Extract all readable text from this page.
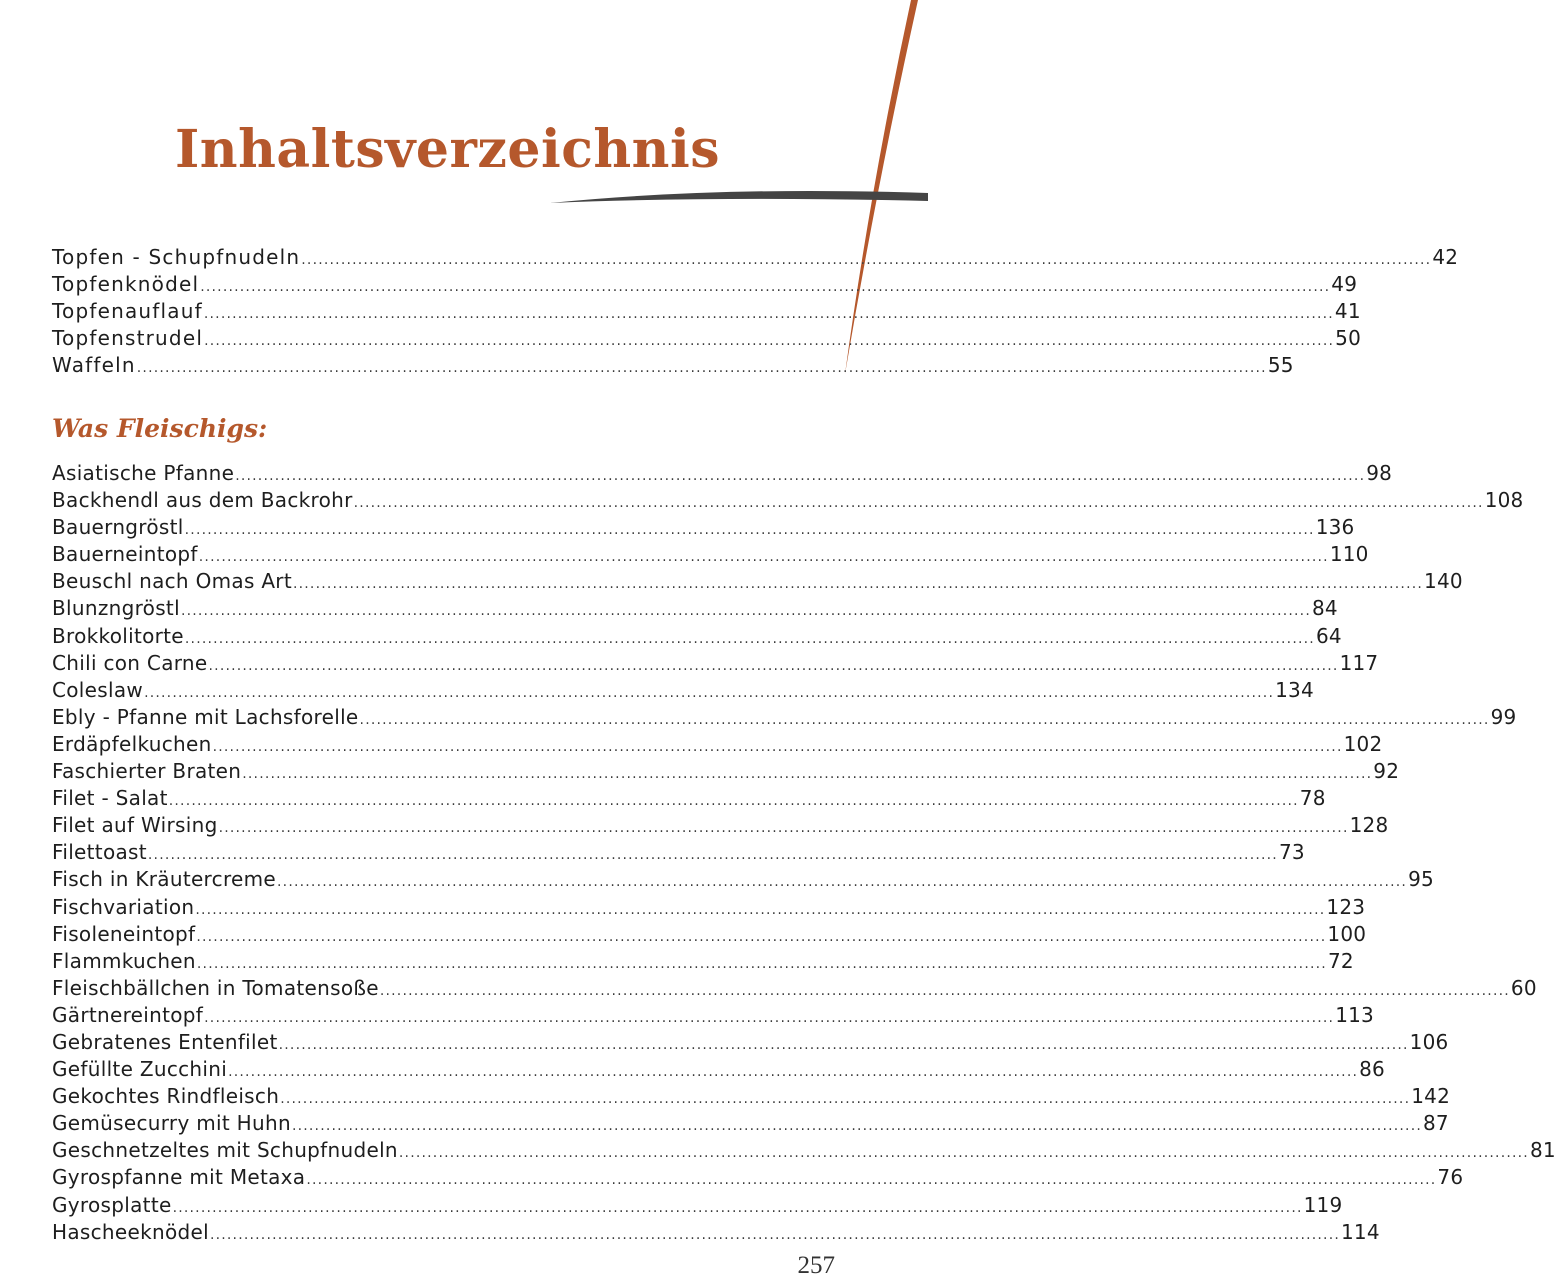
Inhaltsverzeichnis
Topfen - Schupfnudeln ........................................................................................................................................................................................................ 42
Topfenknödel ........................................................................................................................................................................................................ 49
Topfenauflauf ........................................................................................................................................................................................................ 41
Topfenstrudel ........................................................................................................................................................................................................ 50
Waffeln ........................................................................................................................................................................................................ 55
Was Fleischigs:
Asiatische Pfanne ........................................................................................................................................................................................................ 98
Backhendl aus dem Backrohr ........................................................................................................................................................................................................ 108
Bauerngröstl ........................................................................................................................................................................................................ 136
Bauerneintopf ........................................................................................................................................................................................................ 110
Beuschl nach Omas Art ........................................................................................................................................................................................................ 140
Blunzngröstl ........................................................................................................................................................................................................ 84
Brokkolitorte ........................................................................................................................................................................................................ 64
Chili con Carne ........................................................................................................................................................................................................ 117
Coleslaw ........................................................................................................................................................................................................ 134
Ebly - Pfanne mit Lachsforelle ........................................................................................................................................................................................................ 99
Erdäpfelkuchen ........................................................................................................................................................................................................ 102
Faschierter Braten ........................................................................................................................................................................................................ 92
Filet - Salat ........................................................................................................................................................................................................ 78
Filet auf Wirsing ........................................................................................................................................................................................................ 128
Filettoast ........................................................................................................................................................................................................ 73
Fisch in Kräutercreme ........................................................................................................................................................................................................ 95
Fischvariation ........................................................................................................................................................................................................ 123
Fisoleneintopf ........................................................................................................................................................................................................ 100
Flammkuchen ........................................................................................................................................................................................................ 72
Fleischbällchen in Tomatensoße ........................................................................................................................................................................................................ 60
Gärtnereintopf ........................................................................................................................................................................................................ 113
Gebratenes Entenfilet ........................................................................................................................................................................................................ 106
Gefüllte Zucchini ........................................................................................................................................................................................................ 86
Gekochtes Rindfleisch ........................................................................................................................................................................................................ 142
Gemüsecurry mit Huhn ........................................................................................................................................................................................................ 87
Geschnetzeltes mit Schupfnudeln ........................................................................................................................................................................................................ 81
Gyrospfanne mit Metaxa ........................................................................................................................................................................................................ 76
Gyrosplatte ........................................................................................................................................................................................................ 119
Hascheeknödel ........................................................................................................................................................................................................ 114
257
